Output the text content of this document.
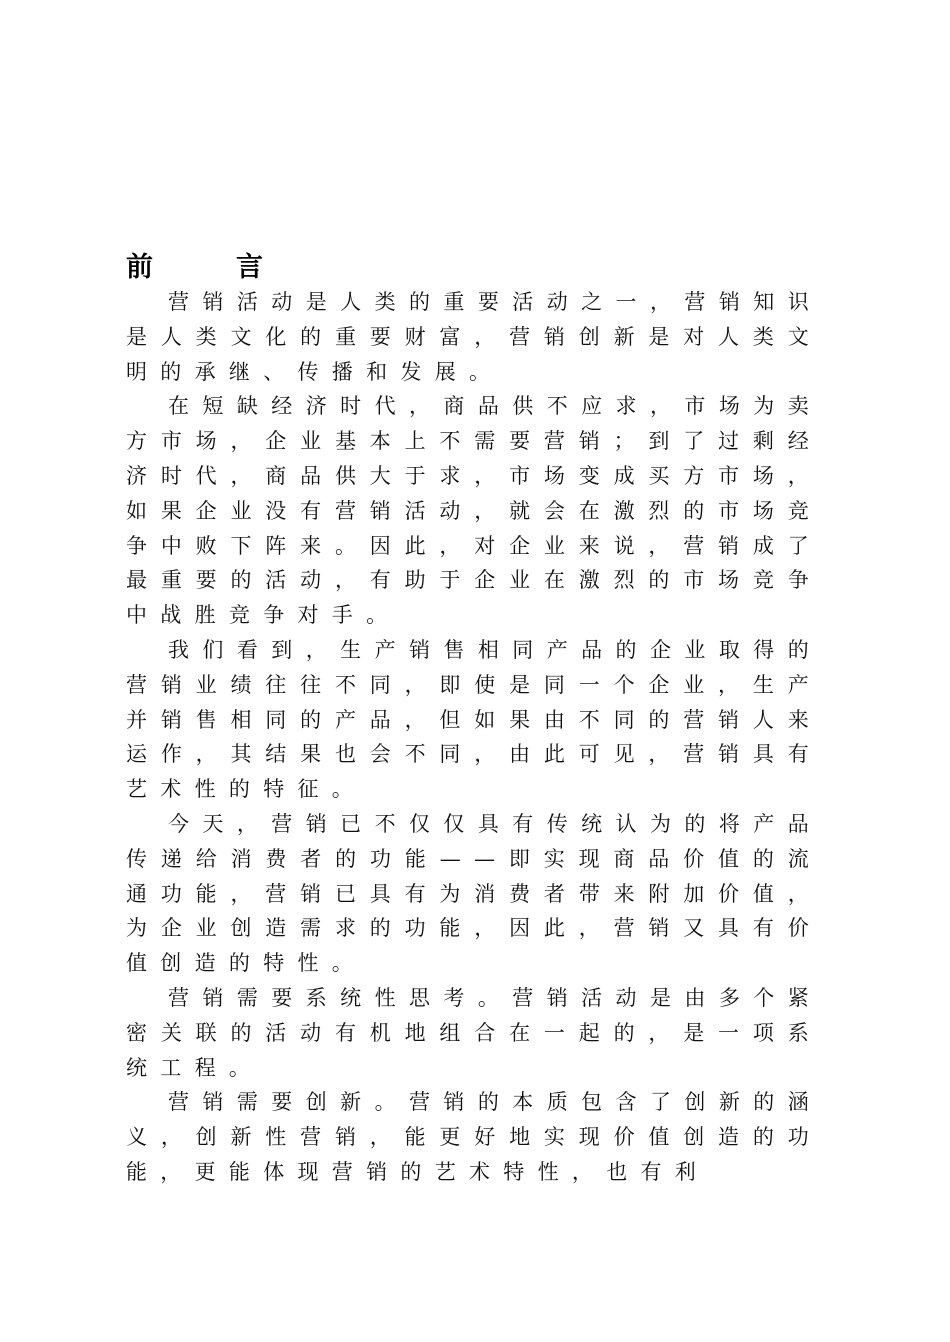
前　言

营销活动是人类的重要活动之一，营销知识是人类文化的重要财富，营销创新是对人类文明的承继、传播和发展。

在短缺经济时代，商品供不应求，市场为卖方市场，企业基本上不需要营销；到了过剩经济时代，商品供大于求，市场变成买方市场，如果企业没有营销活动，就会在激烈的市场竞争中败下阵来。因此，对企业来说，营销成了最重要的活动，有助于企业在激烈的市场竞争中战胜竞争对手。

我们看到，生产销售相同产品的企业取得的营销业绩往往不同，即使是同一个企业，生产并销售相同的产品，但如果由不同的营销人来运作，其结果也会不同，由此可见，营销具有艺术性的特征。

今天，营销已不仅仅具有传统认为的将产品传递给消费者的功能——即实现商品价值的流通功能，营销已具有为消费者带来附加价值，为企业创造需求的功能，因此，营销又具有价值创造的特性。

营销需要系统性思考。营销活动是由多个紧密关联的活动有机地组合在一起的，是一项系统工程。

营销需要创新。营销的本质包含了创新的涵义，创新性营销，能更好地实现价值创造的功能，更能体现营销的艺术特性，也有利
